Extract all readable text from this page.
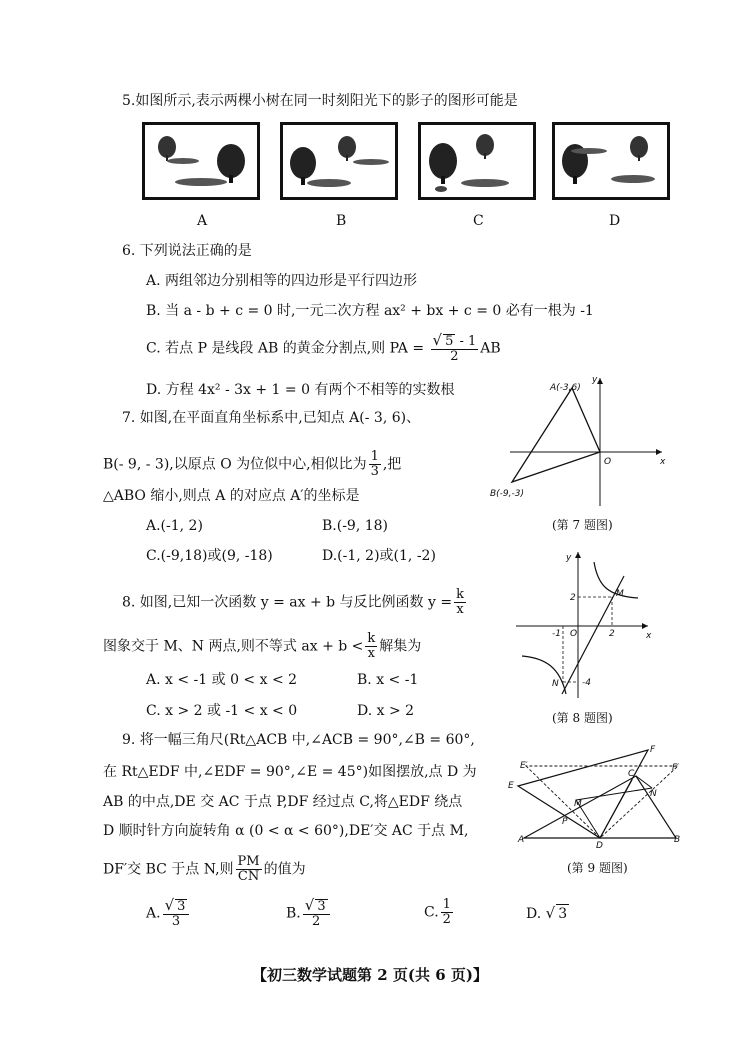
5.如图所示,表示两棵小树在同一时刻阳光下的影子的图形可能是
A	B	C	D
6. 下列说法正确的是
A. 两组邻边分别相等的四边形是平行四边形
B. 当 a - b + c = 0 时,一元二次方程 ax² + bx + c = 0 必有一根为 -1
C. 若点 P 是线段 AB 的黄金分割点,则 PA = $\frac{√ 5 - 1}{2}$ AB
D. 方程 4x² - 3x + 1 = 0 有两个不相等的实数根
7. 如图,在平面直角坐标系中,已知点 A(- 3, 6)、
B(- 9, - 3),以原点 O 为位似中心,相似比为 $\frac{1}{3}$ ,把
△ABO 缩小,则点 A 的对应点 A′的坐标是
A.(-1, 2)	B.(-9, 18)
C.(-9,18)或(9, -18)	D.(-1, 2)或(1, -2)
A(-3,6)
B(-9,-3)
O	x
y
(第 7 题图)
8. 如图,已知一次函数 y = ax + b 与反比例函数 $y = \frac{k}{x}$
图象交于 M、N 两点,则不等式 ax + $b < \frac{k}{x}$ 解集为
A. x < -1 或 0 < x < 2	B. x < -1
C. x > 2 或 -1 < x < 0	D. x > 2
y
x
M
N
O
2
-1	2
-4
(第 8 题图)
9. 将一幅三角尺(Rt△ACB 中,∠ACB = 90°,∠B = 60°,
在 Rt△EDF 中,∠EDF = 90°,∠E = 45°)如图摆放,点 D 为
AB 的中点,DE 交 AC 于点 P,DF 经过点 C,将△EDF 绕点
D 顺时针方向旋转角 α (0 < α < 60°),DE′交 AC 于点 M,
DF′交 BC 于点 N,则 $\frac{PM}{CN}$ 的值为
E′
F
F′
E
C
N
M
P
A
D
B
(第 9 题图)
A. $\frac{√ 3}{3}$	B. $\frac{√ 3}{2}$	C. $\frac{1}{2}$	D. √ 3
【初三数学试题第 2 页(共 6 页)】
